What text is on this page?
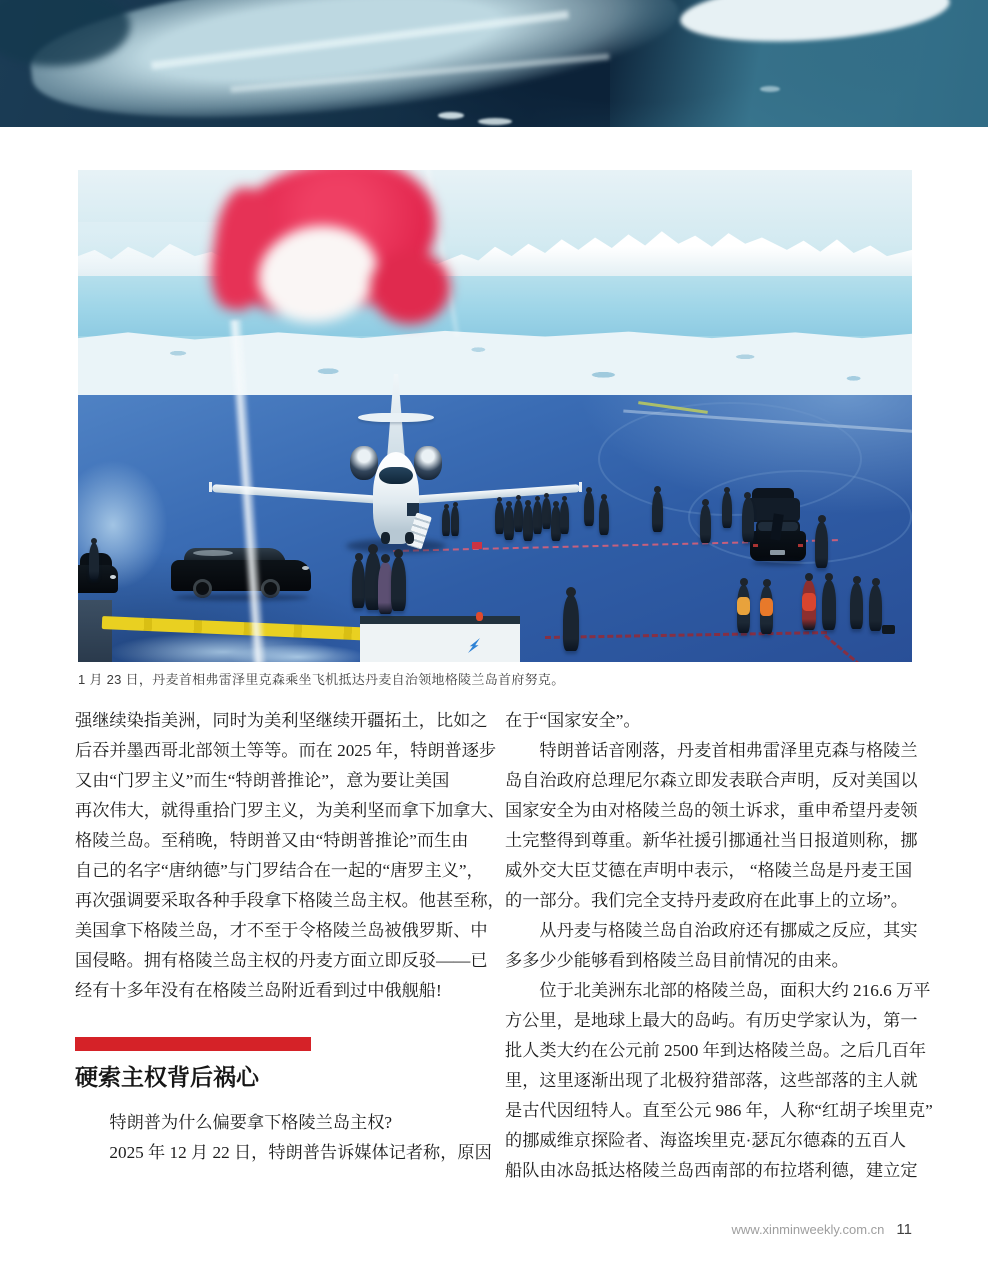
1 月 23 日，丹麦首相弗雷泽里克森乘坐飞机抵达丹麦自治领地格陵兰岛首府努克。
强继续染指美洲，同时为美利坚继续开疆拓土，比如之
后吞并墨西哥北部领土等等。而在 2025 年，特朗普逐步
又由“门罗主义”而生“特朗普推论”，意为要让美国
再次伟大，就得重拾门罗主义，为美利坚而拿下加拿大、
格陵兰岛。至稍晚，特朗普又由“特朗普推论”而生由
自己的名字“唐纳德”与门罗结合在一起的“唐罗主义”，
再次强调要采取各种手段拿下格陵兰岛主权。他甚至称，
美国拿下格陵兰岛，才不至于令格陵兰岛被俄罗斯、中
国侵略。拥有格陵兰岛主权的丹麦方面立即反驳——已
经有十多年没有在格陵兰岛附近看到过中俄舰船!
硬索主权背后祸心
　　特朗普为什么偏要拿下格陵兰岛主权?
　　2025 年 12 月 22 日，特朗普告诉媒体记者称，原因
在于“国家安全”。
　　特朗普话音刚落，丹麦首相弗雷泽里克森与格陵兰
岛自治政府总理尼尔森立即发表联合声明，反对美国以
国家安全为由对格陵兰岛的领土诉求，重申希望丹麦领
土完整得到尊重。新华社援引挪通社当日报道则称，挪
威外交大臣艾德在声明中表示， “格陵兰岛是丹麦王国
的一部分。我们完全支持丹麦政府在此事上的立场”。
　　从丹麦与格陵兰岛自治政府还有挪威之反应，其实
多多少少能够看到格陵兰岛目前情况的由来。
　　位于北美洲东北部的格陵兰岛，面积大约 216.6 万平
方公里，是地球上最大的岛屿。有历史学家认为，第一
批人类大约在公元前 2500 年到达格陵兰岛。之后几百年
里，这里逐渐出现了北极狩猎部落，这些部落的主人就
是古代因纽特人。直至公元 986 年，人称“红胡子埃里克”
的挪威维京探险者、海盗埃里克·瑟瓦尔德森的五百人
船队由冰岛抵达格陵兰岛西南部的布拉塔利德，建立定
www.xinminweekly.com.cn 11
